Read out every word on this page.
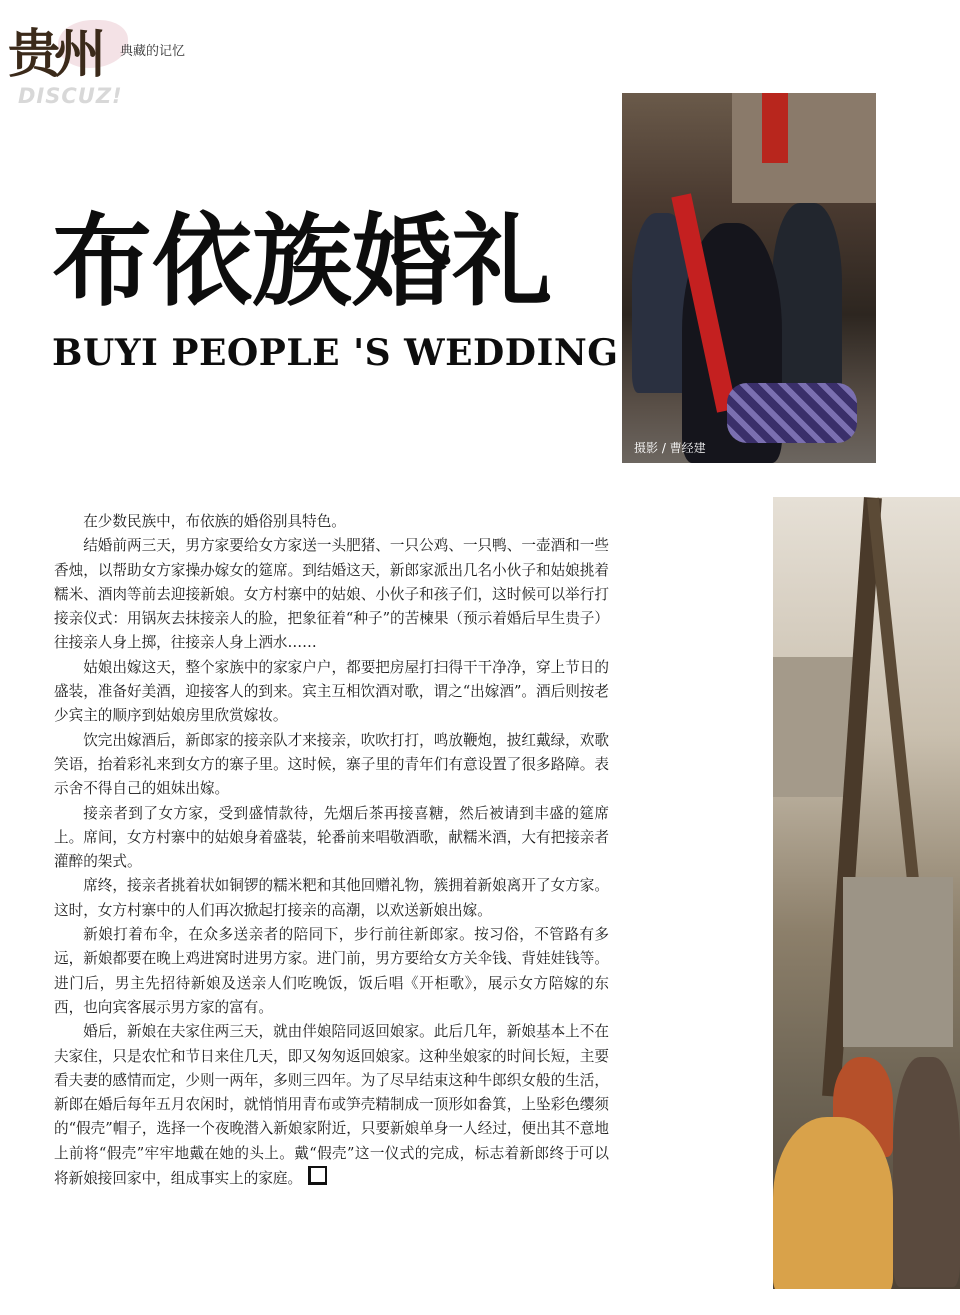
贵州 典藏的记忆
DISCUZ!
布依族婚礼
BUYI PEOPLE 'S WEDDING
摄影 / 曹经建

在少数民族中，布依族的婚俗别具特色。

结婚前两三天，男方家要给女方家送一头肥猪、一只公鸡、一只鸭、一壶酒和一些香烛，以帮助女方家操办嫁女的筵席。到结婚这天，新郎家派出几名小伙子和姑娘挑着糯米、酒肉等前去迎接新娘。女方村寨中的姑娘、小伙子和孩子们，这时候可以举行打接亲仪式：用锅灰去抹接亲人的脸，把象征着“种子”的苦楝果（预示着婚后早生贵子）往接亲人身上掷，往接亲人身上洒水……

姑娘出嫁这天，整个家族中的家家户户，都要把房屋打扫得干干净净，穿上节日的盛装，准备好美酒，迎接客人的到来。宾主互相饮酒对歌，谓之“出嫁酒”。酒后则按老少宾主的顺序到姑娘房里欣赏嫁妆。

饮完出嫁酒后，新郎家的接亲队才来接亲，吹吹打打，鸣放鞭炮，披红戴绿，欢歌笑语，抬着彩礼来到女方的寨子里。这时候，寨子里的青年们有意设置了很多路障。表示舍不得自己的姐妹出嫁。

接亲者到了女方家，受到盛情款待，先烟后茶再接喜糖，然后被请到丰盛的筵席上。席间，女方村寨中的姑娘身着盛装，轮番前来唱敬酒歌，献糯米酒，大有把接亲者灌醉的架式。

席终，接亲者挑着状如铜锣的糯米粑和其他回赠礼物，簇拥着新娘离开了女方家。这时，女方村寨中的人们再次掀起打接亲的高潮，以欢送新娘出嫁。

新娘打着布伞，在众多送亲者的陪同下，步行前往新郎家。按习俗，不管路有多远，新娘都要在晚上鸡进窝时进男方家。进门前，男方要给女方关伞钱、背娃娃钱等。进门后，男主先招待新娘及送亲人们吃晚饭，饭后唱《开柜歌》，展示女方陪嫁的东西，也向宾客展示男方家的富有。

婚后，新娘在夫家住两三天，就由伴娘陪同返回娘家。此后几年，新娘基本上不在夫家住，只是农忙和节日来住几天，即又匆匆返回娘家。这种坐娘家的时间长短，主要看夫妻的感情而定，少则一两年，多则三四年。为了尽早结束这种牛郎织女般的生活，新郎在婚后每年五月农闲时，就悄悄用青布或笋壳精制成一顶形如畚箕，上坠彩色缨须的“假壳”帽子，选择一个夜晚潜入新娘家附近，只要新娘单身一人经过，便出其不意地上前将“假壳”牢牢地戴在她的头上。戴“假壳”这一仪式的完成，标志着新郎终于可以将新娘接回家中，组成事实上的家庭。
